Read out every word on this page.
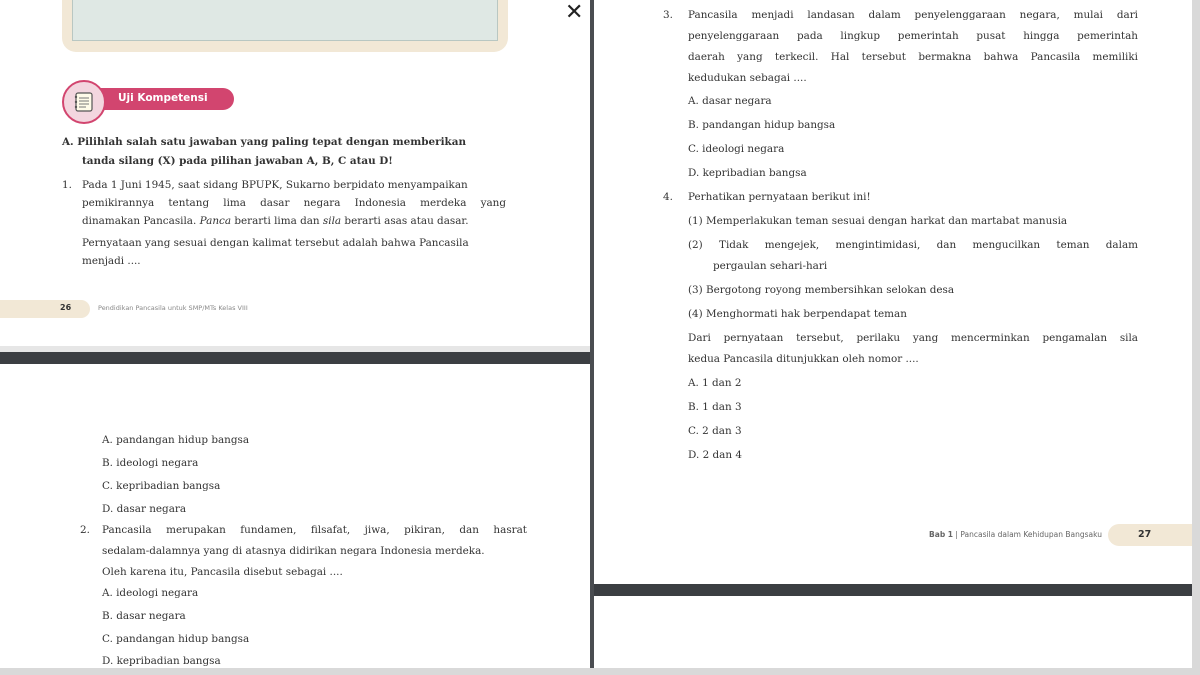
Uji Kompetensi
A. Pilihlah salah satu jawaban yang paling tepat dengan memberikan
tanda silang (X) pada pilihan jawaban A, B, C atau D!
1. Pada 1 Juni 1945, saat sidang BPUPK, Sukarno berpidato menyampaikan
pemikirannya tentang lima dasar negara Indonesia merdeka yang
dinamakan Pancasila. Panca berarti lima dan sila berarti asas atau dasar.
Pernyataan yang sesuai dengan kalimat tersebut adalah bahwa Pancasila
menjadi ....
26	Pendidikan Pancasila untuk SMP/MTs Kelas VIII
✕
A. pandangan hidup bangsa
B. ideologi negara
C. kepribadian bangsa
D. dasar negara
2. Pancasila merupakan fundamen, filsafat, jiwa, pikiran, dan hasrat
sedalam-dalamnya yang di atasnya didirikan negara Indonesia merdeka.
Oleh karena itu, Pancasila disebut sebagai ....
A. ideologi negara
B. dasar negara
C. pandangan hidup bangsa
D. kepribadian bangsa
3. Pancasila menjadi landasan dalam penyelenggaraan negara, mulai dari
penyelenggaraan pada lingkup pemerintah pusat hingga pemerintah
daerah yang terkecil. Hal tersebut bermakna bahwa Pancasila memiliki
kedudukan sebagai ....
A. dasar negara
B. pandangan hidup bangsa
C. ideologi negara
D. kepribadian bangsa
4. Perhatikan pernyataan berikut ini!
(1) Memperlakukan teman sesuai dengan harkat dan martabat manusia
(2) Tidak mengejek, mengintimidasi, dan mengucilkan teman dalam
pergaulan sehari-hari
(3) Bergotong royong membersihkan selokan desa
(4) Menghormati hak berpendapat teman
Dari pernyataan tersebut, perilaku yang mencerminkan pengamalan sila
kedua Pancasila ditunjukkan oleh nomor ....
A. 1 dan 2
B. 1 dan 3
C. 2 dan 3
D. 2 dan 4
Bab 1 | Pancasila dalam Kehidupan Bangsaku	27
